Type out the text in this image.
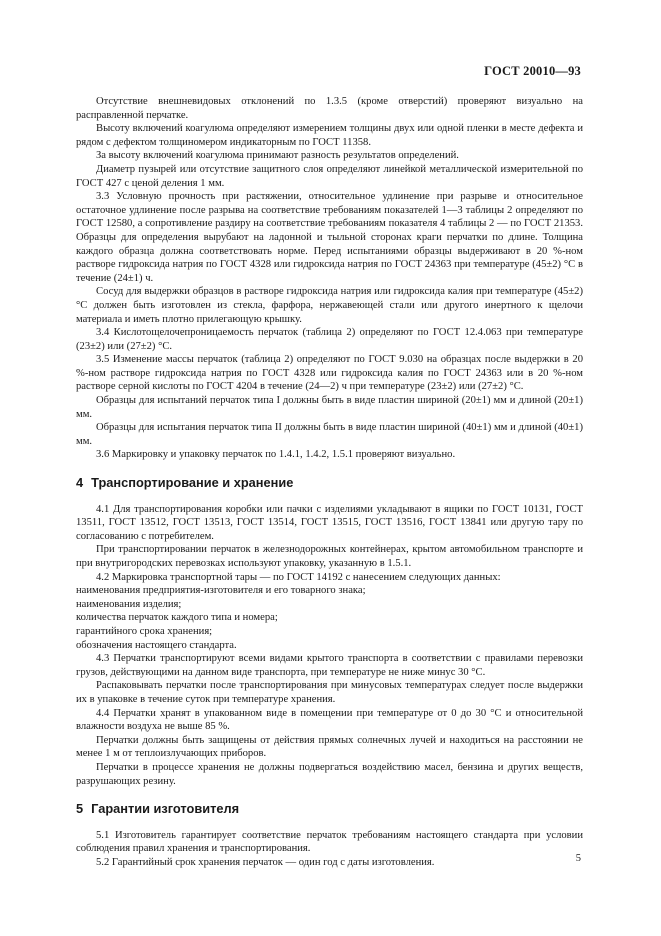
ГОСТ 20010—93

Отсутствие внешневидовых отклонений по 1.3.5 (кроме отверстий) проверяют визуально на расправленной перчатке.

Высоту включений коагулюма определяют измерением толщины двух или одной пленки в месте дефекта и рядом с дефектом толщиномером индикаторным по ГОСТ 11358.

За высоту включений коагулюма принимают разность результатов определений.

Диаметр пузырей или отсутствие защитного слоя определяют линейкой металлической измерительной по ГОСТ 427 с ценой деления 1 мм.

3.3 Условную прочность при растяжении, относительное удлинение при разрыве и относительное остаточное удлинение после разрыва на соответствие требованиям показателей 1—3 таблицы 2 определяют по ГОСТ 12580, а сопротивление раздиру на соответствие требованиям показателя 4 таблицы 2 — по ГОСТ 21353. Образцы для определения вырубают на ладонной и тыльной сторонах краги перчатки по длине. Толщина каждого образца должна соответствовать норме. Перед испытаниями образцы выдерживают в 20 %-ном растворе гидроксида натрия по ГОСТ 4328 или гидроксида натрия по ГОСТ 24363 при температуре (45±2) °С в течение (24±1) ч.

Сосуд для выдержки образцов в растворе гидроксида натрия или гидроксида калия при температуре (45±2) °С должен быть изготовлен из стекла, фарфора, нержавеющей стали или другого инертного к щелочи материала и иметь плотно прилегающую крышку.

3.4 Кислотощелочепроницаемость перчаток (таблица 2) определяют по ГОСТ 12.4.063 при температуре (23±2) или (27±2) °С.

3.5 Изменение массы перчаток (таблица 2) определяют по ГОСТ 9.030 на образцах после выдержки в 20 %-ном растворе гидроксида натрия по ГОСТ 4328 или гидроксида калия по ГОСТ 24363 или в 20 %-ном растворе серной кислоты по ГОСТ 4204 в течение (24—2) ч при температуре (23±2) или (27±2) °С.

Образцы для испытаний перчаток типа I должны быть в виде пластин шириной (20±1) мм и длиной (20±1) мм.

Образцы для испытания перчаток типа II должны быть в виде пластин шириной (40±1) мм и длиной (40±1) мм.

3.6 Маркировку и упаковку перчаток по 1.4.1, 1.4.2, 1.5.1 проверяют визуально.

4 Транспортирование и хранение

4.1 Для транспортирования коробки или пачки с изделиями укладывают в ящики по ГОСТ 10131, ГОСТ 13511, ГОСТ 13512, ГОСТ 13513, ГОСТ 13514, ГОСТ 13515, ГОСТ 13516, ГОСТ 13841 или другую тару по согласованию с потребителем.

При транспортировании перчаток в железнодорожных контейнерах, крытом автомобильном транспорте и при внутригородских перевозках используют упаковку, указанную в 1.5.1.

4.2 Маркировка транспортной тары — по ГОСТ 14192 с нанесением следующих данных:

наименования предприятия-изготовителя и его товарного знака;

наименования изделия;

количества перчаток каждого типа и номера;

гарантийного срока хранения;

обозначения настоящего стандарта.

4.3 Перчатки транспортируют всеми видами крытого транспорта в соответствии с правилами перевозки грузов, действующими на данном виде транспорта, при температуре не ниже минус 30 °С.

Распаковывать перчатки после транспортирования при минусовых температурах следует после выдержки их в упаковке в течение суток при температуре хранения.

4.4 Перчатки хранят в упакованном виде в помещении при температуре от 0 до 30 °С и относительной влажности воздуха не выше 85 %.

Перчатки должны быть защищены от действия прямых солнечных лучей и находиться на расстоянии не менее 1 м от теплоизлучающих приборов.

Перчатки в процессе хранения не должны подвергаться воздействию масел, бензина и других веществ, разрушающих резину.

5 Гарантии изготовителя

5.1 Изготовитель гарантирует соответствие перчаток требованиям настоящего стандарта при условии соблюдения правил хранения и транспортирования.

5.2 Гарантийный срок хранения перчаток — один год с даты изготовления.	5
